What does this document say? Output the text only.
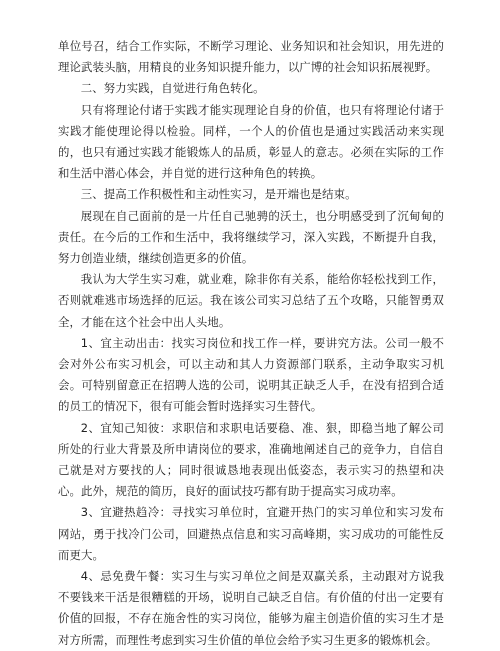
单位号召，结合工作实际，不断学习理论、业务知识和社会知识，用先进的理论武装头脑，用精良的业务知识提升能力，以广博的社会知识拓展视野。

二、努力实践，自觉进行角色转化。

只有将理论付诸于实践才能实现理论自身的价值，也只有将理论付诸于实践才能使理论得以检验。同样，一个人的价值也是通过实践活动来实现的，也只有通过实践才能锻炼人的品质，彰显人的意志。必须在实际的工作和生活中潜心体会，并自觉的进行这种角色的转换。

三、提高工作积极性和主动性实习，是开端也是结束。

展现在自己面前的是一片任自己驰骋的沃土，也分明感受到了沉甸甸的责任。在今后的工作和生活中，我将继续学习，深入实践，不断提升自我，努力创造业绩，继续创造更多的价值。

我认为大学生实习难，就业难，除非你有关系，能给你轻松找到工作，否则就难逃市场选择的厄运。我在该公司实习总结了五个攻略，只能智勇双全，才能在这个社会中出人头地。

1、宜主动出击：找实习岗位和找工作一样，要讲究方法。公司一般不会对外公布实习机会，可以主动和其人力资源部门联系，主动争取实习机会。可特别留意正在招聘人选的公司，说明其正缺乏人手，在没有招到合适的员工的情况下，很有可能会暂时选择实习生替代。

2、宜知己知彼：求职信和求职电话要稳、准、狠，即稳当地了解公司所处的行业大背景及所申请岗位的要求，准确地阐述自己的竞争力，自信自己就是对方要找的人；同时很诚恳地表现出低姿态，表示实习的热望和决心。此外，规范的简历，良好的面试技巧都有助于提高实习成功率。

3、宜避热趋冷：寻找实习单位时，宜避开热门的实习单位和实习发布网站，勇于找冷门公司，回避热点信息和实习高峰期，实习成功的可能性反而更大。

4、忌免费午餐：实习生与实习单位之间是双赢关系，主动跟对方说我不要钱来干活是很糟糕的开场，说明自己缺乏自信。有价值的付出一定要有价值的回报，不存在施舍性的实习岗位，能够为雇主创造价值的实习生才是对方所需，而理性考虑到实习生价值的单位会给予实习生更多的锻炼机会。
